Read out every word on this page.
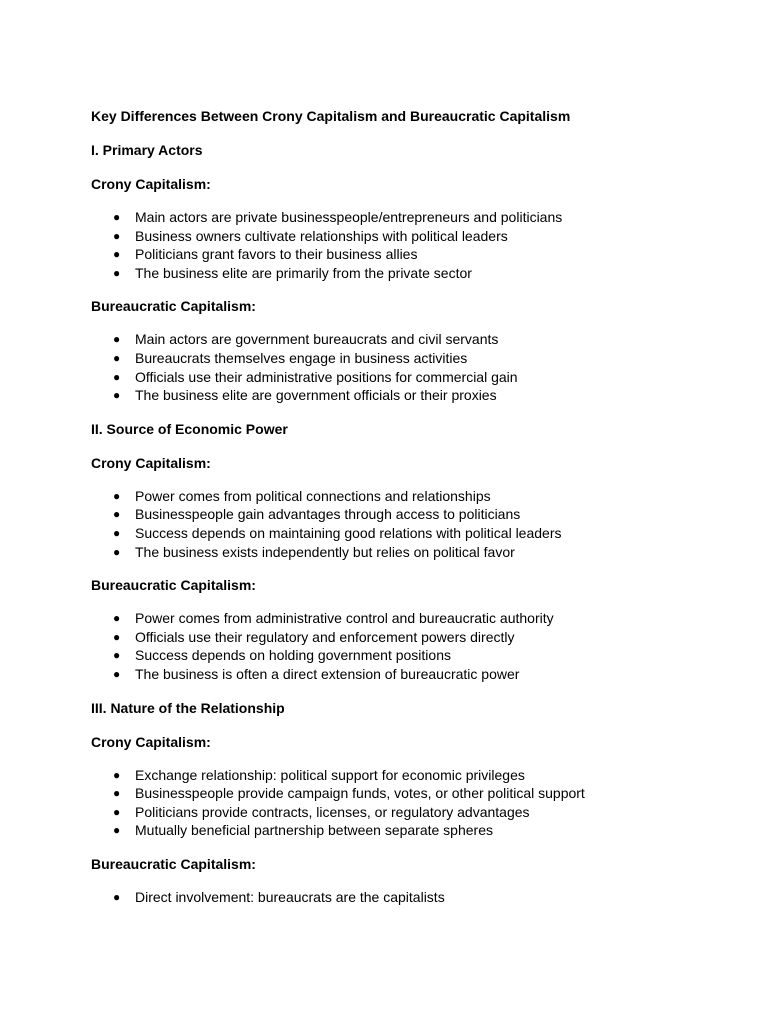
Key Differences Between Crony Capitalism and Bureaucratic Capitalism
I. Primary Actors
Crony Capitalism:
● Main actors are private businesspeople/entrepreneurs and politicians
● Business owners cultivate relationships with political leaders
● Politicians grant favors to their business allies
● The business elite are primarily from the private sector
Bureaucratic Capitalism:
● Main actors are government bureaucrats and civil servants
● Bureaucrats themselves engage in business activities
● Officials use their administrative positions for commercial gain
● The business elite are government officials or their proxies
II. Source of Economic Power
Crony Capitalism:
● Power comes from political connections and relationships
● Businesspeople gain advantages through access to politicians
● Success depends on maintaining good relations with political leaders
● The business exists independently but relies on political favor
Bureaucratic Capitalism:
● Power comes from administrative control and bureaucratic authority
● Officials use their regulatory and enforcement powers directly
● Success depends on holding government positions
● The business is often a direct extension of bureaucratic power
III. Nature of the Relationship
Crony Capitalism:
● Exchange relationship: political support for economic privileges
● Businesspeople provide campaign funds, votes, or other political support
● Politicians provide contracts, licenses, or regulatory advantages
● Mutually beneficial partnership between separate spheres
Bureaucratic Capitalism:
● Direct involvement: bureaucrats are the capitalists
